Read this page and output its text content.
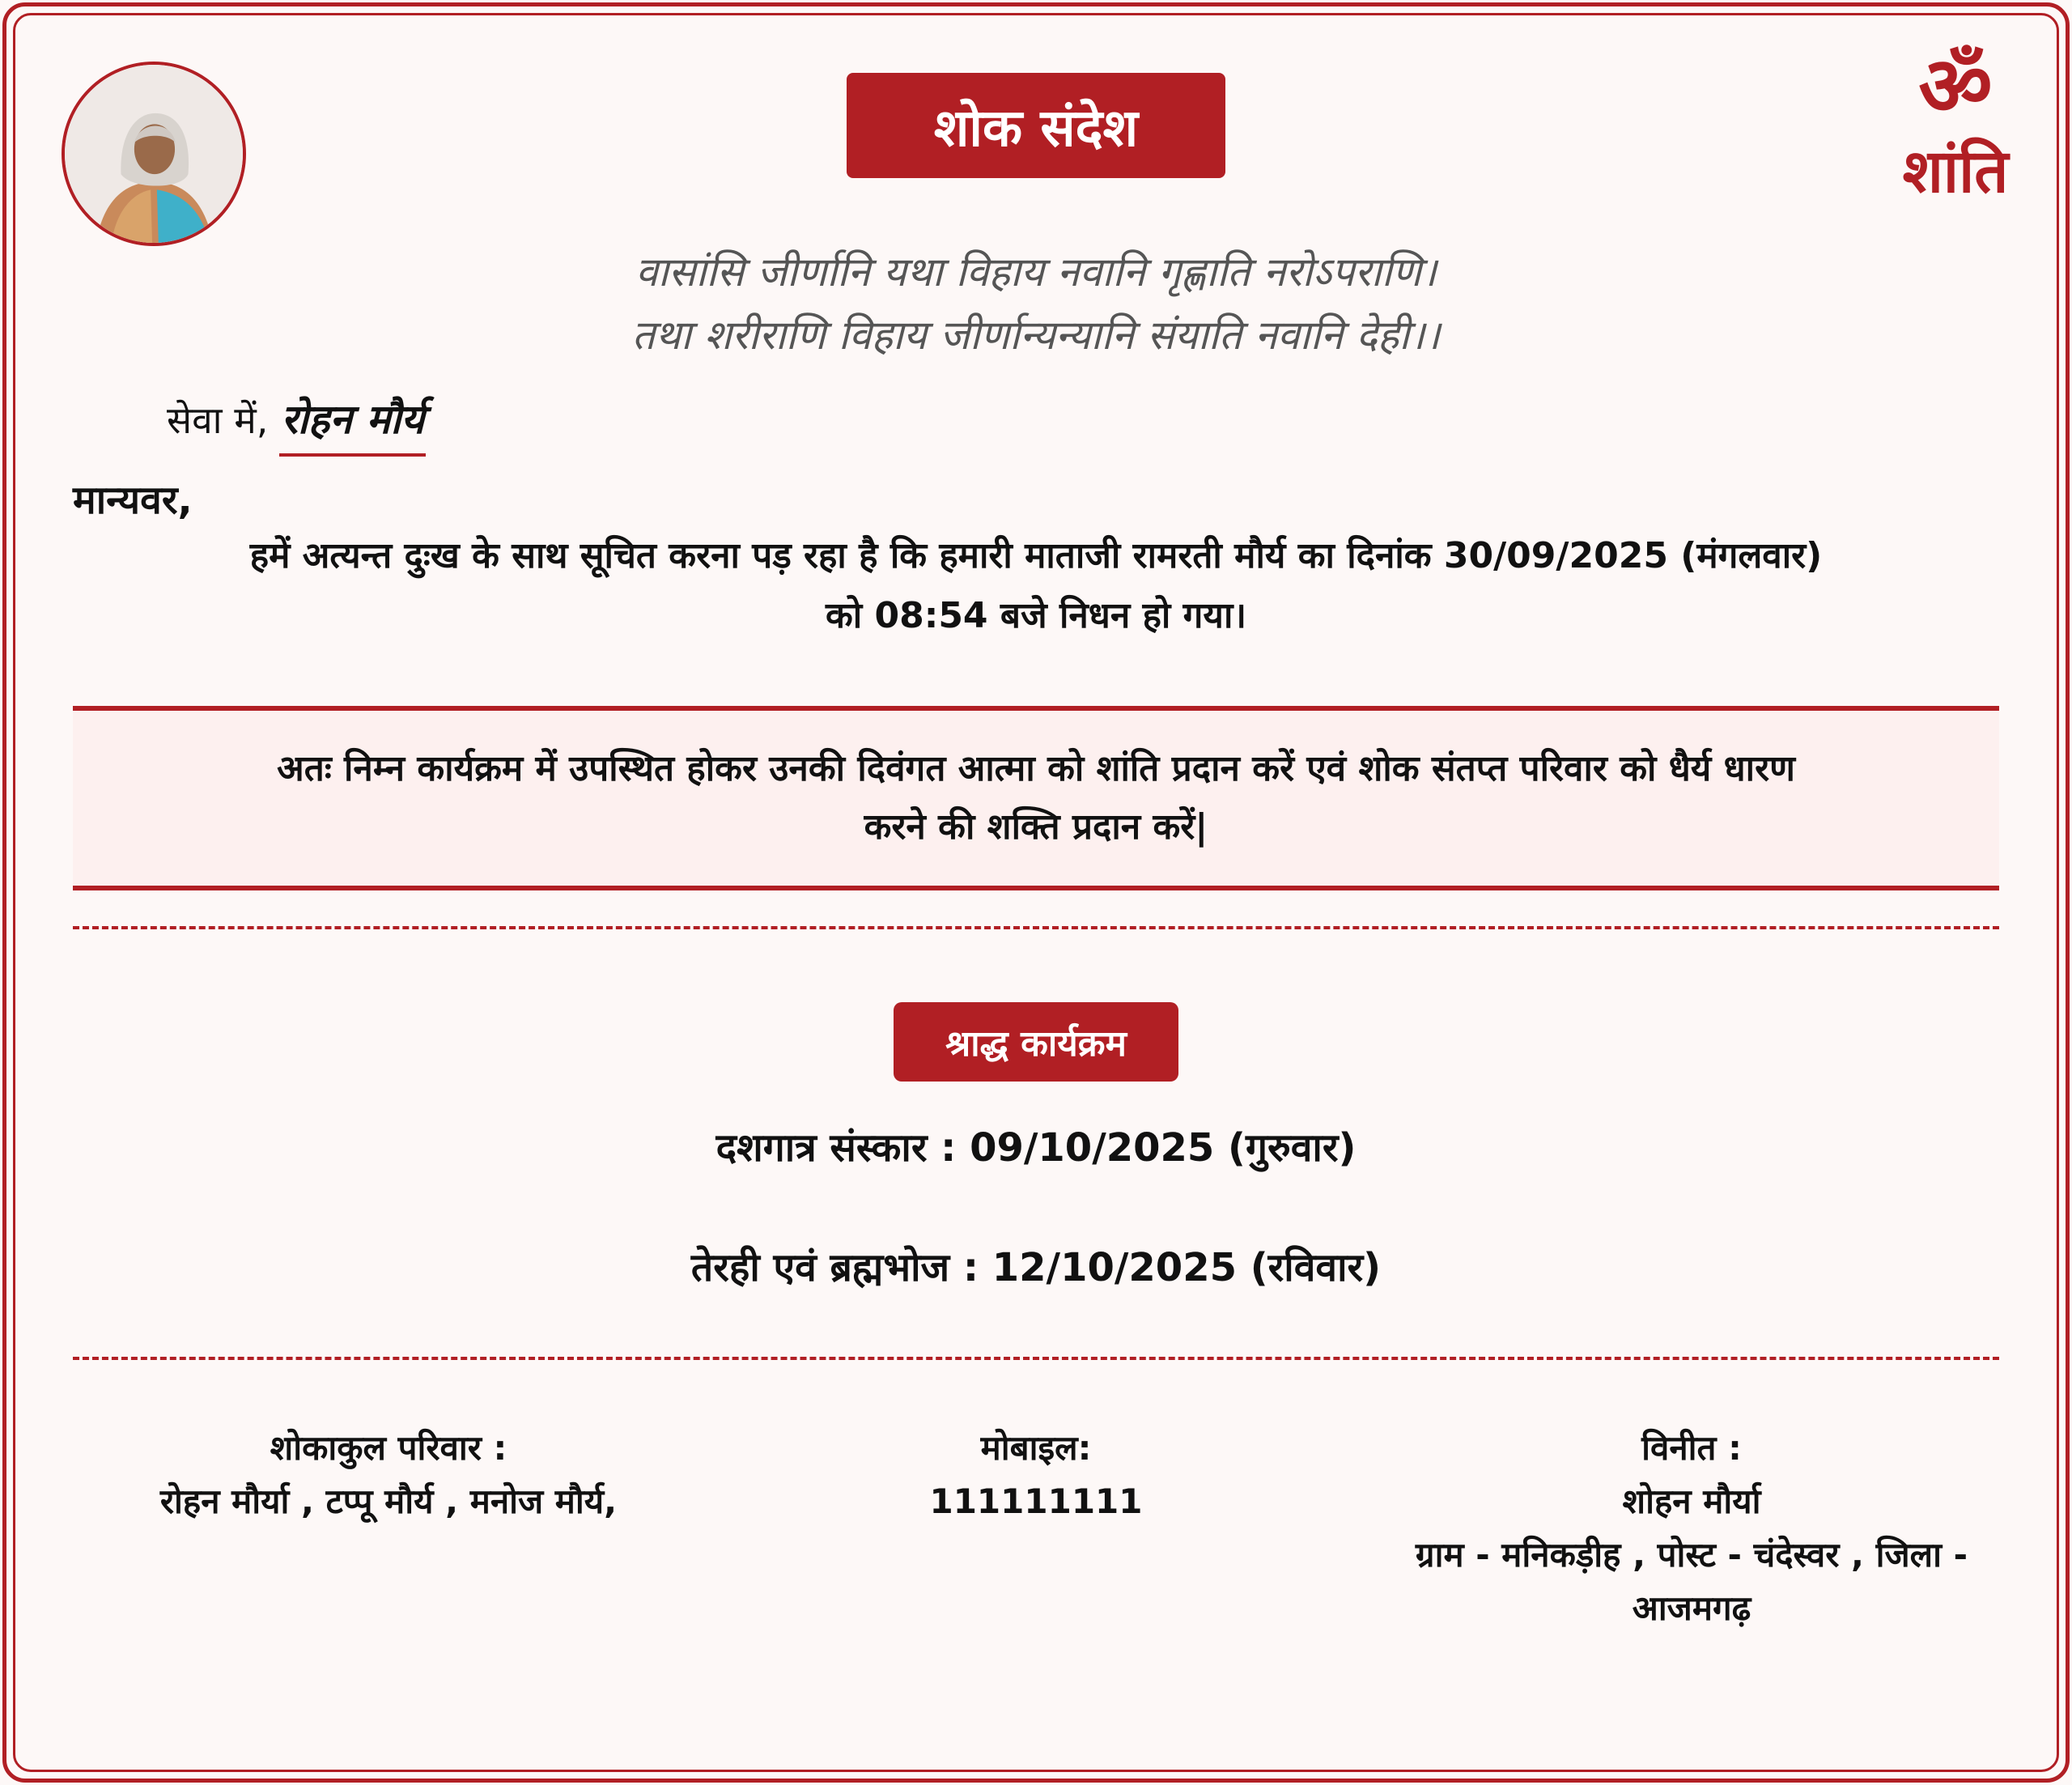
शोक संदेश	ॐ
शांति
वासांसि जीर्णानि यथा विहाय नवानि गृह्णाति नरोऽपराणि।
तथा शरीराणि विहाय जीर्णान्यन्यानि संयाति नवानि देही।।
सेवा में, रोहन मौर्य
मान्यवर,
हमें अत्यन्त दुःख के साथ सूचित करना पड़ रहा है कि हमारी माताजी रामरती मौर्य का दिनांक 30/09/2025 (मंगलवार)
को 08:54 बजे निधन हो गया।
अतः निम्न कार्यक्रम में उपस्थित होकर उनकी दिवंगत आत्मा को शांति प्रदान करें एवं शोक संतप्त परिवार को धैर्य धारण
करने की शक्ति प्रदान करें|
श्राद्ध कार्यक्रम
दशगात्र संस्कार : 09/10/2025 (गुरुवार)
तेरही एवं ब्रह्मभोज : 12/10/2025 (रविवार)
शोकाकुल परिवार :
रोहन मौर्या , टप्पू मौर्य , मनोज मौर्य,
मोबाइल:
111111111
विनीत :
शोहन मौर्या
ग्राम - मनिकड़ीह , पोस्ट - चंदेस्वर , जिला -
आजमगढ़
